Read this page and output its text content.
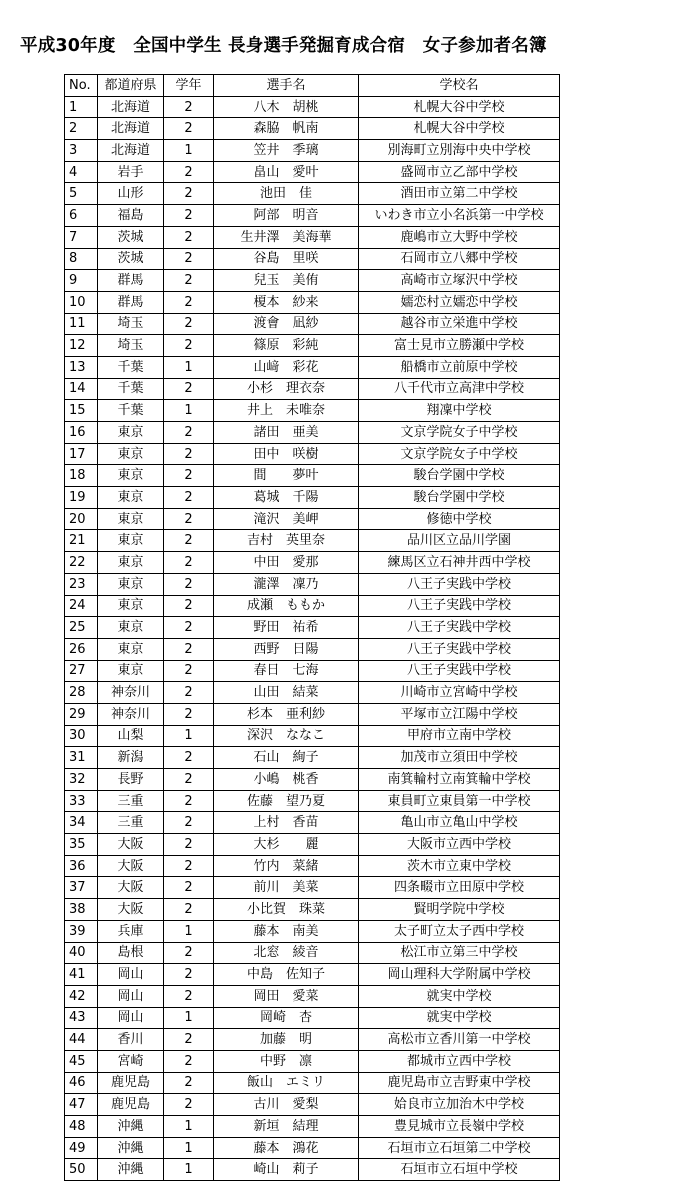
平成30年度　全国中学生 長身選手発掘育成合宿　女子参加者名簿
No.	都道府県	学年	選手名	学校名
1	北海道	2	八木　胡桃	札幌大谷中学校
2	北海道	2	森脇　帆南	札幌大谷中学校
3	北海道	1	笠井　季璃	別海町立別海中央中学校
4	岩手	2	畠山　愛叶	盛岡市立乙部中学校
5	山形	2	池田　佳	酒田市立第二中学校
6	福島	2	阿部　明音	いわき市立小名浜第一中学校
7	茨城	2	生井澤　美海華	鹿嶋市立大野中学校
8	茨城	2	谷島　里咲	石岡市立八郷中学校
9	群馬	2	兒玉　美侑	高崎市立塚沢中学校
10	群馬	2	榎本　紗来	嬬恋村立嬬恋中学校
11	埼玉	2	渡會　凪紗	越谷市立栄進中学校
12	埼玉	2	篠原　彩純	富士見市立勝瀬中学校
13	千葉	1	山﨑　彩花	船橋市立前原中学校
14	千葉	2	小杉　理衣奈	八千代市立高津中学校
15	千葉	1	井上　未唯奈	翔凜中学校
16	東京	2	諸田　亜美	文京学院女子中学校
17	東京	2	田中　咲樹	文京学院女子中学校
18	東京	2	間　　夢叶	駿台学園中学校
19	東京	2	葛城　千陽	駿台学園中学校
20	東京	2	滝沢　美岬	修徳中学校
21	東京	2	吉村　英里奈	品川区立品川学園
22	東京	2	中田　愛那	練馬区立石神井西中学校
23	東京	2	瀧澤　凜乃	八王子実践中学校
24	東京	2	成瀬　ももか	八王子実践中学校
25	東京	2	野田　祐希	八王子実践中学校
26	東京	2	西野　日陽	八王子実践中学校
27	東京	2	春日　七海	八王子実践中学校
28	神奈川	2	山田　結菜	川崎市立宮崎中学校
29	神奈川	2	杉本　亜利紗	平塚市立江陽中学校
30	山梨	1	深沢　ななこ	甲府市立南中学校
31	新潟	2	石山　絢子	加茂市立須田中学校
32	長野	2	小嶋　桃香	南箕輪村立南箕輪中学校
33	三重	2	佐藤　望乃夏	東員町立東員第一中学校
34	三重	2	上村　香苗	亀山市立亀山中学校
35	大阪	2	大杉　　麗	大阪市立西中学校
36	大阪	2	竹内　菜緒	茨木市立東中学校
37	大阪	2	前川　美菜	四条畷市立田原中学校
38	大阪	2	小比賀　珠菜	賢明学院中学校
39	兵庫	1	藤本　南美	太子町立太子西中学校
40	島根	2	北窓　綾音	松江市立第三中学校
41	岡山	2	中島　佐知子	岡山理科大学附属中学校
42	岡山	2	岡田　愛菜	就実中学校
43	岡山	1	岡崎　杏	就実中学校
44	香川	2	加藤　明	高松市立香川第一中学校
45	宮崎	2	中野　凛	都城市立西中学校
46	鹿児島	2	飯山　エミリ	鹿児島市立吉野東中学校
47	鹿児島	2	古川　愛梨	姶良市立加治木中学校
48	沖縄	1	新垣　結理	豊見城市立長嶺中学校
49	沖縄	1	藤本　鴻花	石垣市立石垣第二中学校
50	沖縄	1	崎山　莉子	石垣市立石垣中学校
